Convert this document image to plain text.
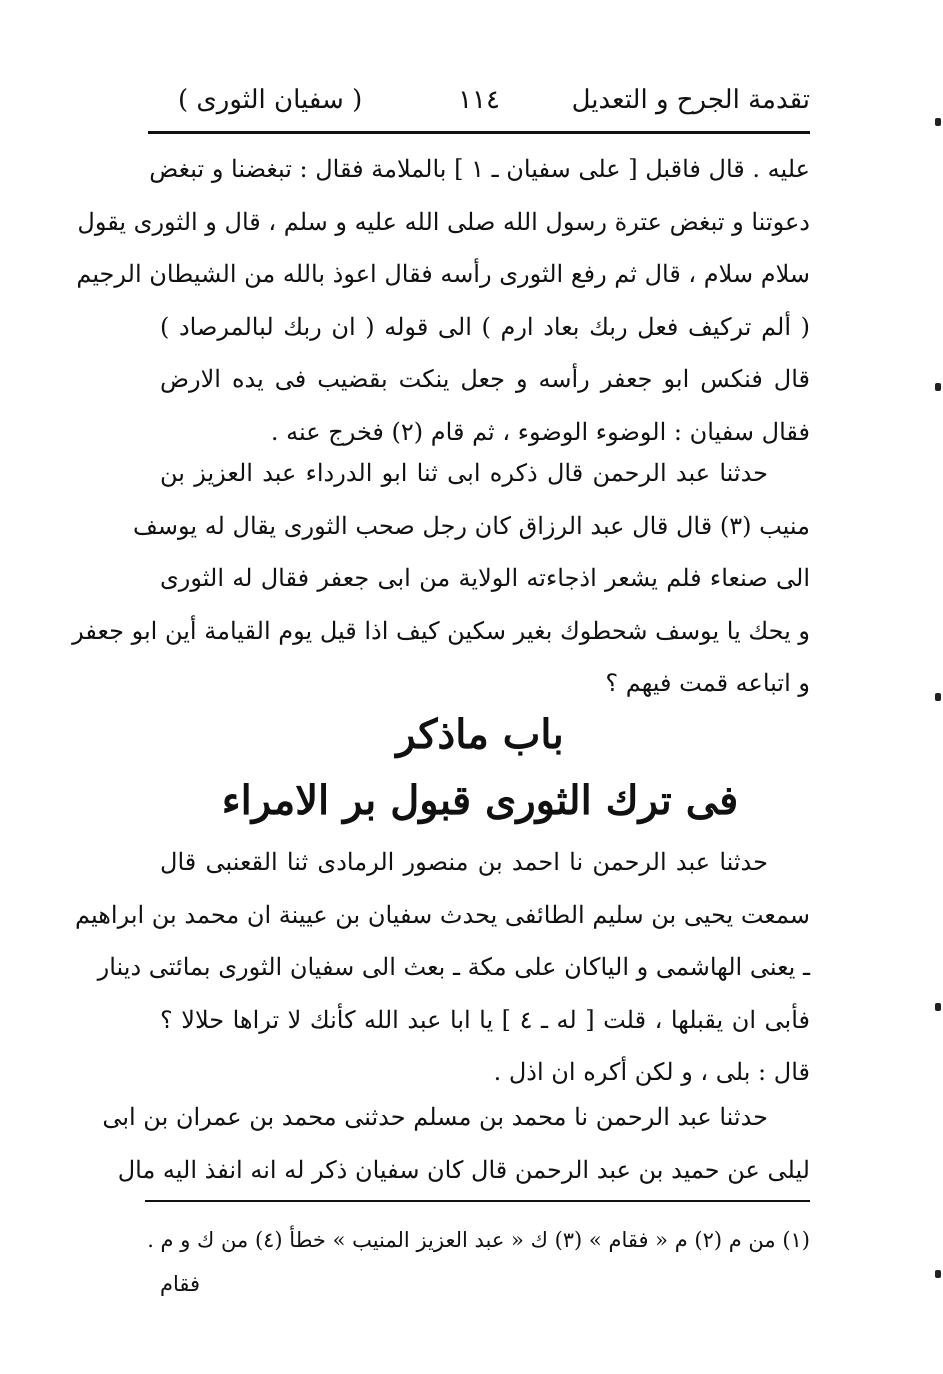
تقدمة الجرح و التعديل
١١٤
( سفيان الثورى )
عليه . قال فاقبل [ على سفيان ـ ١ ] بالملامة فقال : تبغضنا و تبغض
دعوتنا و تبغض عترة رسول الله صلى الله عليه و سلم ، قال و الثورى يقول
سلام سلام ، قال ثم رفع الثورى رأسه فقال اعوذ بالله من الشيطان الرجيم
( ألم تركيف فعل ربك بعاد ارم ) الى قوله ( ان ربك لبالمرصاد )
قال فنكس ابو جعفر رأسه و جعل ينكت بقضيب فى يده الارض
فقال سفيان : الوضوء الوضوء ، ثم قام (٢) فخرج عنه .
حدثنا عبد الرحمن قال ذكره ابى ثنا ابو الدرداء عبد العزيز بن
منيب (٣) قال قال عبد الرزاق كان رجل صحب الثورى يقال له يوسف
الى صنعاء فلم يشعر اذجاءته الولاية من ابى جعفر فقال له الثورى
و يحك يا يوسف شحطوك بغير سكين كيف اذا قيل يوم القيامة أين ابو جعفر
و اتباعه قمت فيهم ؟
باب ماذكر
فى ترك الثورى قبول بر الامراء
حدثنا عبد الرحمن نا احمد بن منصور الرمادى ثنا القعنبى قال
سمعت يحيى بن سليم الطائفى يحدث سفيان بن عيينة ان محمد بن ابراهيم
ـ يعنى الهاشمى و الياكان على مكة ـ بعث الى سفيان الثورى بمائتى دينار
فأبى ان يقبلها ، قلت [ له ـ ٤ ] يا ابا عبد الله كأنك لا تراها حلالا ؟
قال : بلى ، و لكن أكره ان اذل .
حدثنا عبد الرحمن نا محمد بن مسلم حدثنى محمد بن عمران بن ابى
ليلى عن حميد بن عبد الرحمن قال كان سفيان ذكر له انه انفذ اليه مال
(١) من م (٢) م « فقام » (٣) ك « عبد العزيز المنيب » خطأ (٤) من ك و م .
فقام
